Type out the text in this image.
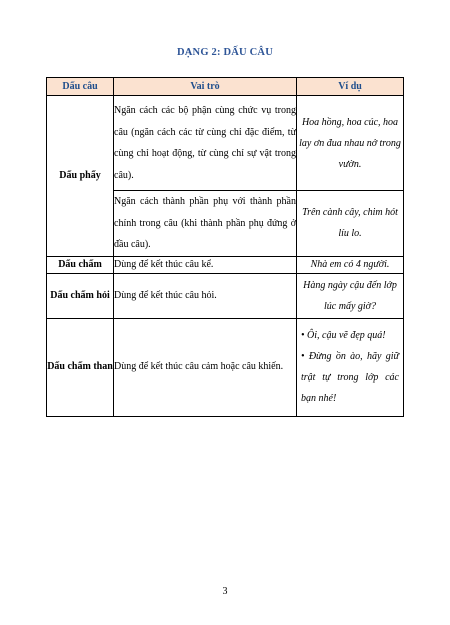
DẠNG 2: DẤU CÂU
Dấu câu	Vai trò	Ví dụ
Dấu phẩy	Ngăn cách các bộ phận cùng chức vụ trong câu (ngăn cách các từ cùng chỉ đặc điểm, từ cùng chỉ hoạt động, từ cùng chỉ sự vật trong câu).	Hoa hồng, hoa cúc, hoa lay ơn đua nhau nở trong vườn.
	Ngăn cách thành phần phụ với thành phần chính trong câu (khi thành phần phụ đứng ở đầu câu).	Trên cành cây, chim hót líu lo.
Dấu chấm	Dùng để kết thúc câu kể.	Nhà em có 4 người.
Dấu chấm hỏi	Dùng để kết thúc câu hỏi.	Hàng ngày cậu đến lớp lúc mấy giờ?
Dấu chấm than	Dùng để kết thúc câu cảm hoặc câu khiến.	• Ôi, cậu vẽ đẹp quá!
• Đừng ồn ào, hãy giữ trật tự trong lớp các bạn nhé!
3
